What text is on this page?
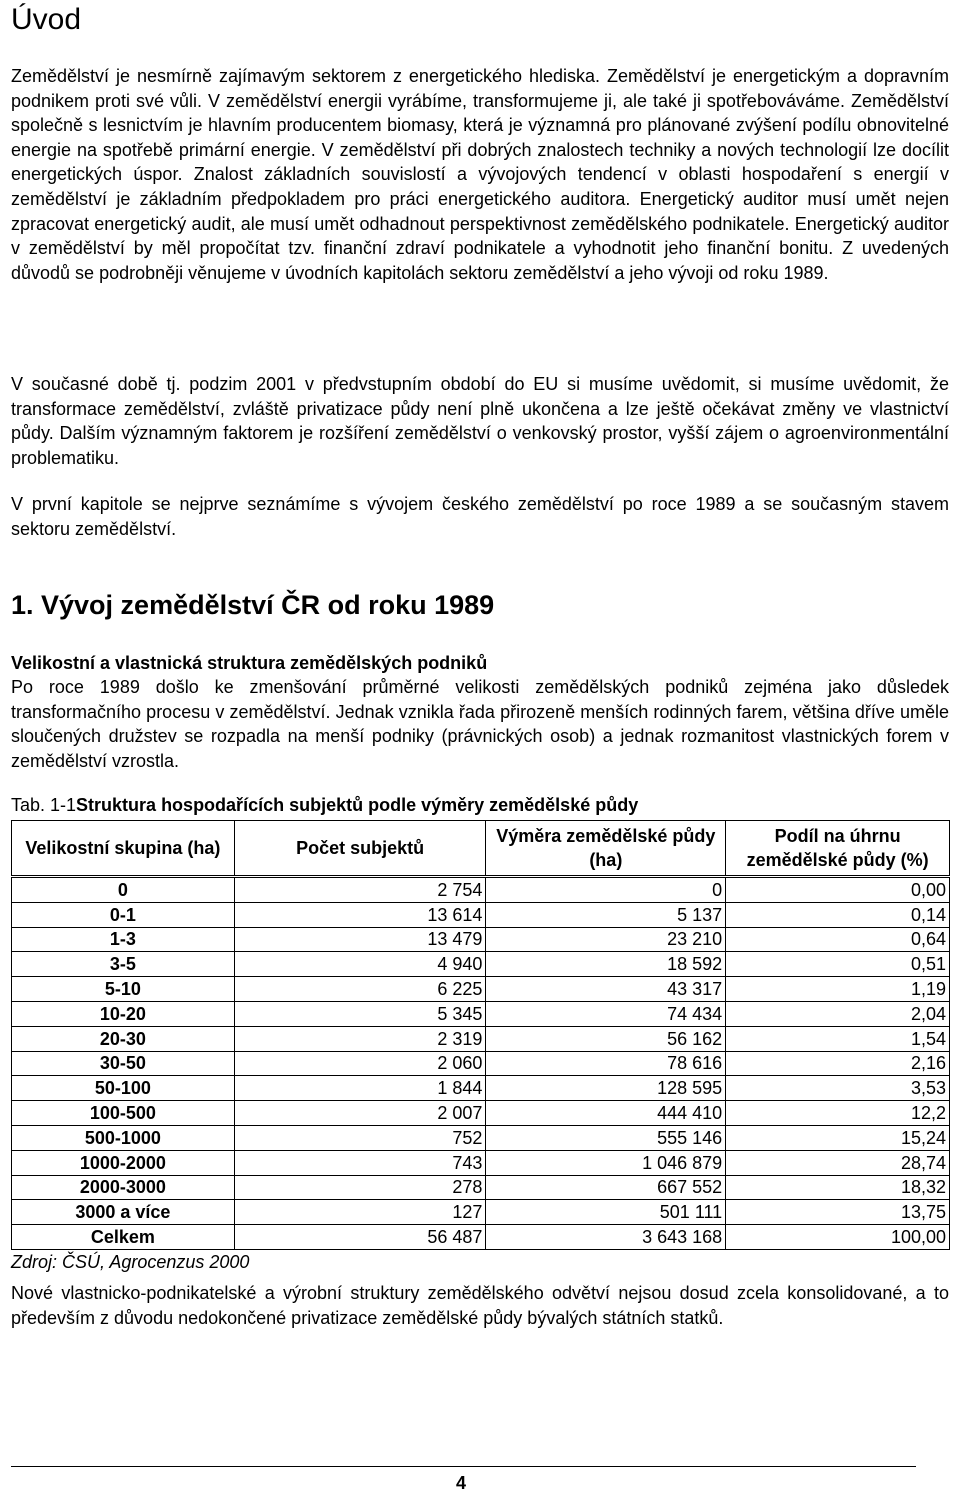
Úvod

Zemědělství je nesmírně zajímavým sektorem z energetického hlediska. Zemědělství je energetickým a dopravním podnikem proti své vůli. V zemědělství energii vyrábíme, transformujeme ji, ale také ji spotřebováváme. Zemědělství společně s lesnictvím je hlavním producentem biomasy, která je významná pro plánované zvýšení podílu obnovitelné energie na spotřebě primární energie. V zemědělství při dobrých znalostech techniky a nových technologií lze docílit energetických úspor. Znalost základních souvislostí a vývojových tendencí v oblasti hospodaření s energií v zemědělství je základním předpokladem pro práci energetického auditora. Energetický auditor musí umět nejen zpracovat energetický audit, ale musí umět odhadnout perspektivnost zemědělského podnikatele. Energetický auditor v zemědělství by měl propočítat tzv. finanční zdraví podnikatele a vyhodnotit jeho finanční bonitu. Z uvedených důvodů se podrobněji věnujeme v úvodních kapitolách sektoru zemědělství a jeho vývoji od roku 1989.

V současné době tj. podzim 2001 v předvstupním období do EU si musíme uvědomit, si musíme uvědomit, že transformace zemědělství, zvláště privatizace půdy není plně ukončena a lze ještě očekávat změny ve vlastnictví půdy. Dalším významným faktorem je rozšíření zemědělství o venkovský prostor, vyšší zájem o agroenvironmentální problematiku.

V první kapitole se nejprve seznámíme s vývojem českého zemědělství po roce 1989 a se současným stavem sektoru zemědělství.

1. Vývoj zemědělství ČR od roku 1989

Velikostní a vlastnická struktura zemědělských podniků

Po roce 1989 došlo ke zmenšování průměrné velikosti zemědělských podniků zejména jako důsledek transformačního procesu v zemědělství. Jednak vznikla řada přirozeně menších rodinných farem, většina dříve umělе sloučených družstev se rozpadla na menší podniky (právnických osob) a jednak rozmanitost vlastnických forem v zemědělství vzrostla.

Tab. 1-1Struktura hospodařících subjektů podle výměry zemědělské půdy

Velikostní skupina (ha)	Počet subjektů	Výměra zemědělské půdy (ha)	Podíl na úhrnu zemědělské půdy (%)
0	2 754	0	0,00
0-1	13 614	5 137	0,14
1-3	13 479	23 210	0,64
3-5	4 940	18 592	0,51
5-10	6 225	43 317	1,19
10-20	5 345	74 434	2,04
20-30	2 319	56 162	1,54
30-50	2 060	78 616	2,16
50-100	1 844	128 595	3,53
100-500	2 007	444 410	12,2
500-1000	752	555 146	15,24
1000-2000	743	1 046 879	28,74
2000-3000	278	667 552	18,32
3000 a více	127	501 111	13,75
Celkem	56 487	3 643 168	100,00

Zdroj: ČSÚ, Agrocenzus 2000

Nové vlastnicko-podnikatelské a výrobní struktury zemědělského odvětví nejsou dosud zcela konsolidované, a to především z důvodu nedokončené privatizace zemědělské půdy bývalých státních statků.

4
